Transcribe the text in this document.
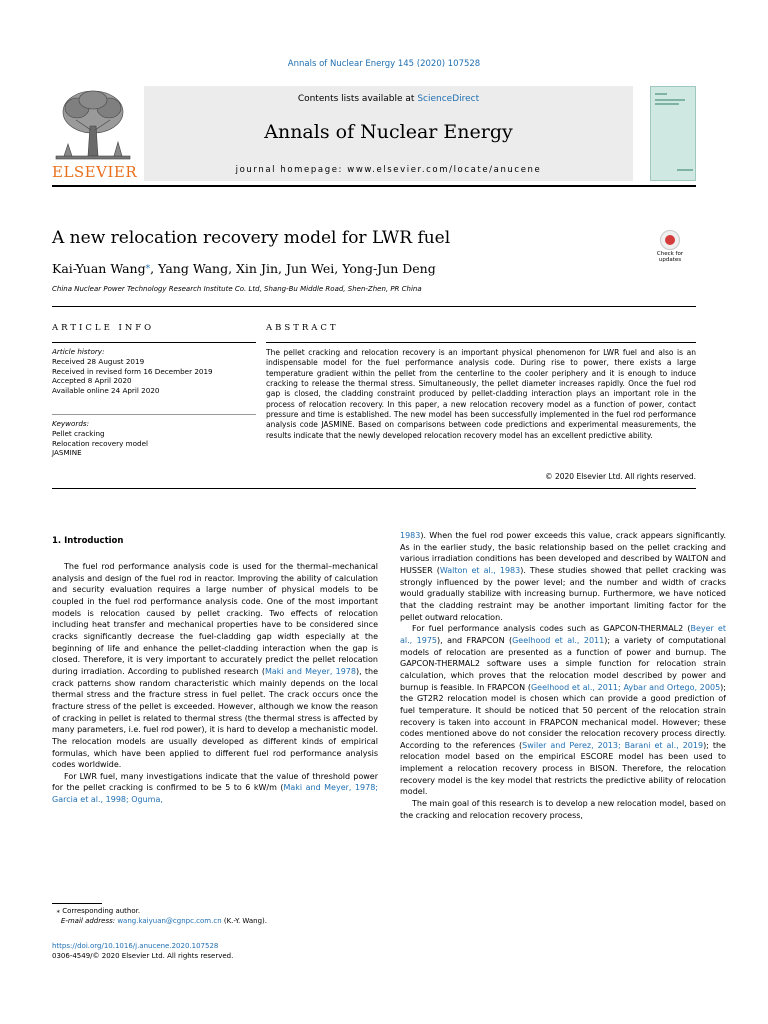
Annals of Nuclear Energy 145 (2020) 107528
ELSEVIER
Contents lists available at ScienceDirect
Annals of Nuclear Energy
journal homepage: www.elsevier.com/locate/anucene
A new relocation recovery model for LWR fuel
Check for updates
Kai-Yuan Wang⁎, Yang Wang, Xin Jin, Jun Wei, Yong-Jun Deng
China Nuclear Power Technology Research Institute Co. Ltd, Shang-Bu Middle Road, Shen-Zhen, PR China
ARTICLE INFO	ABSTRACT
Article history:
Received 28 August 2019
Received in revised form 16 December 2019
Accepted 8 April 2020
Available online 24 April 2020
Keywords:
Pellet cracking
Relocation recovery model
JASMINE
The pellet cracking and relocation recovery is an important physical phenomenon for LWR fuel and also is an indispensable model for the fuel performance analysis code. During rise to power, there exists a large temperature gradient within the pellet from the centerline to the cooler periphery and it is enough to induce cracking to release the thermal stress. Simultaneously, the pellet diameter increases rapidly. Once the fuel rod gap is closed, the cladding constraint produced by pellet-cladding interaction plays an important role in the process of relocation recovery. In this paper, a new relocation recovery model as a function of power, contact pressure and time is established. The new model has been successfully implemented in the fuel rod performance analysis code JASMINE. Based on comparisons between code predictions and experimental measurements, the results indicate that the newly developed relocation recovery model has an excellent predictive ability.
© 2020 Elsevier Ltd. All rights reserved.
1. Introduction

The fuel rod performance analysis code is used for the thermal–mechanical analysis and design of the fuel rod in reactor. Improving the ability of calculation and security evaluation requires a large number of physical models to be coupled in the fuel rod performance analysis code. One of the most important models is relocation caused by pellet cracking. Two effects of relocation including heat transfer and mechanical properties have to be considered since cracks significantly decrease the fuel-cladding gap width especially at the beginning of life and enhance the pellet-cladding interaction when the gap is closed. Therefore, it is very important to accurately predict the pellet relocation during irradiation. According to published research (Maki and Meyer, 1978), the crack patterns show random characteristic which mainly depends on the local thermal stress and the fracture stress in fuel pellet. The crack occurs once the fracture stress of the pellet is exceeded. However, although we know the reason of cracking in pellet is related to thermal stress (the thermal stress is affected by many parameters, i.e. fuel rod power), it is hard to develop a mechanistic model. The relocation models are usually developed as different kinds of empirical formulas, which have been applied to different fuel rod performance analysis codes worldwide.

For LWR fuel, many investigations indicate that the value of threshold power for the pellet cracking is confirmed to be 5 to 6 kW/m (Maki and Meyer, 1978; Garcia et al., 1998; Oguma,

1983). When the fuel rod power exceeds this value, crack appears significantly. As in the earlier study, the basic relationship based on the pellet cracking and various irradiation conditions has been developed and described by WALTON and HUSSER (Walton et al., 1983). These studies showed that pellet cracking was strongly influenced by the power level; and the number and width of cracks would gradually stabilize with increasing burnup. Furthermore, we have noticed that the cladding restraint may be another important limiting factor for the pellet outward relocation.

For fuel performance analysis codes such as GAPCON-THERMAL2 (Beyer et al., 1975), and FRAPCON (Geelhood et al., 2011); a variety of computational models of relocation are presented as a function of power and burnup. The GAPCON-THERMAL2 software uses a simple function for relocation strain calculation, which proves that the relocation model described by power and burnup is feasible. In FRAPCON (Geelhood et al., 2011; Aybar and Ortego, 2005); the GT2R2 relocation model is chosen which can provide a good prediction of fuel temperature. It should be noticed that 50 percent of the relocation strain recovery is taken into account in FRAPCON mechanical model. However; these codes mentioned above do not consider the relocation recovery process directly. According to the references (Swiler and Perez, 2013; Barani et al., 2019); the relocation model based on the empirical ESCORE model has been used to implement a relocation recovery process in BISON. Therefore, the relocation recovery model is the key model that restricts the predictive ability of relocation model.

The main goal of this research is to develop a new relocation model, based on the cracking and relocation recovery process,

⁎ Corresponding author.
E-mail address: wang.kaiyuan@cgnpc.com.cn (K.-Y. Wang).
https://doi.org/10.1016/j.anucene.2020.107528
0306-4549/© 2020 Elsevier Ltd. All rights reserved.
